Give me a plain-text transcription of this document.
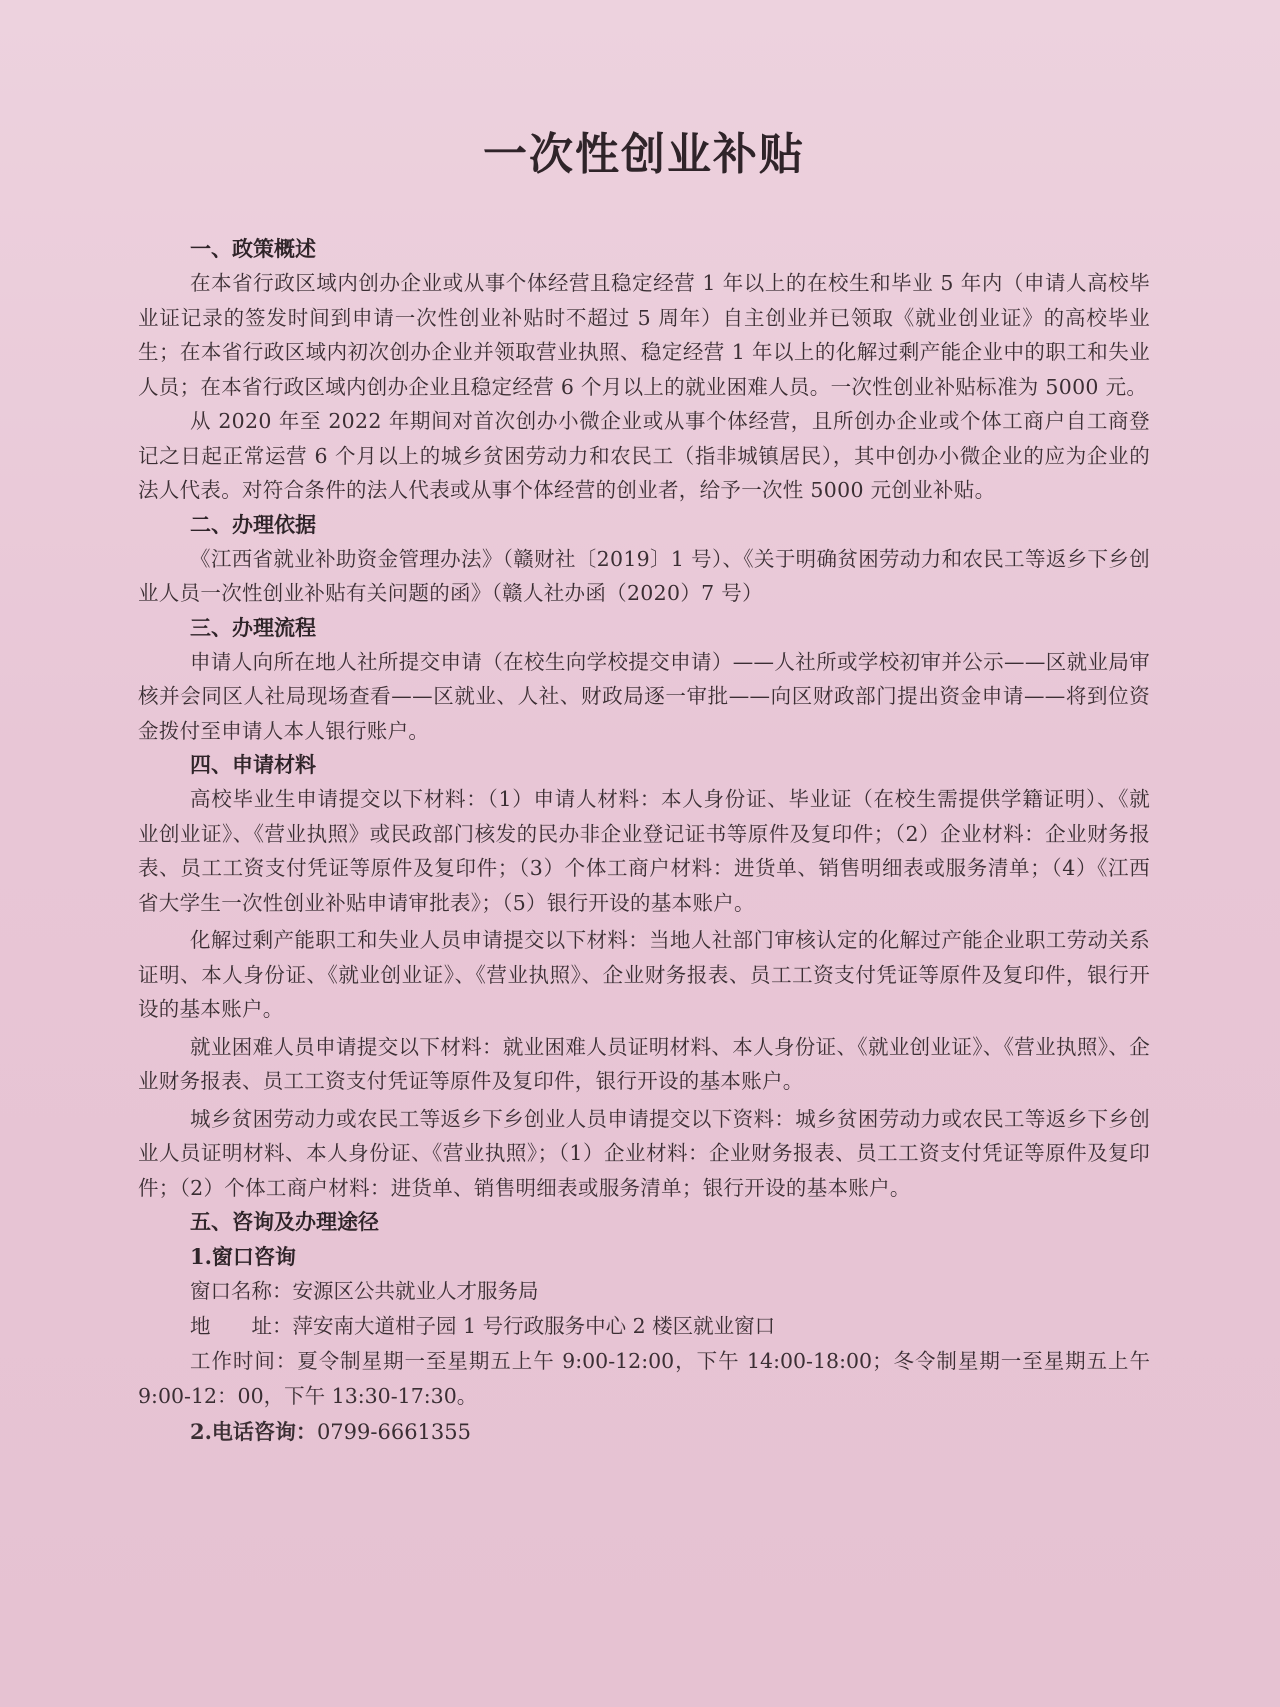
一次性创业补贴

一、政策概述

在本省行政区域内创办企业或从事个体经营且稳定经营 1 年以上的在校生和毕业 5 年内（申请人高校毕业证记录的签发时间到申请一次性创业补贴时不超过 5 周年）自主创业并已领取《就业创业证》的高校毕业生；在本省行政区域内初次创办企业并领取营业执照、稳定经营 1 年以上的化解过剩产能企业中的职工和失业人员；在本省行政区域内创办企业且稳定经营 6 个月以上的就业困难人员。一次性创业补贴标准为 5000 元。

从 2020 年至 2022 年期间对首次创办小微企业或从事个体经营，且所创办企业或个体工商户自工商登记之日起正常运营 6 个月以上的城乡贫困劳动力和农民工（指非城镇居民），其中创办小微企业的应为企业的法人代表。对符合条件的法人代表或从事个体经营的创业者，给予一次性 5000 元创业补贴。

二、办理依据

《江西省就业补助资金管理办法》（赣财社〔2019〕1 号）、《关于明确贫困劳动力和农民工等返乡下乡创业人员一次性创业补贴有关问题的函》（赣人社办函（2020）7 号）

三、办理流程

申请人向所在地人社所提交申请（在校生向学校提交申请）——人社所或学校初审并公示——区就业局审核并会同区人社局现场查看——区就业、人社、财政局逐一审批——向区财政部门提出资金申请——将到位资金拨付至申请人本人银行账户。

四、申请材料

高校毕业生申请提交以下材料：（1）申请人材料：本人身份证、毕业证（在校生需提供学籍证明）、《就业创业证》、《营业执照》或民政部门核发的民办非企业登记证书等原件及复印件；（2）企业材料：企业财务报表、员工工资支付凭证等原件及复印件；（3）个体工商户材料：进货单、销售明细表或服务清单；（4）《江西省大学生一次性创业补贴申请审批表》；（5）银行开设的基本账户。

化解过剩产能职工和失业人员申请提交以下材料：当地人社部门审核认定的化解过产能企业职工劳动关系证明、本人身份证、《就业创业证》、《营业执照》、企业财务报表、员工工资支付凭证等原件及复印件，银行开设的基本账户。

就业困难人员申请提交以下材料：就业困难人员证明材料、本人身份证、《就业创业证》、《营业执照》、企业财务报表、员工工资支付凭证等原件及复印件，银行开设的基本账户。

城乡贫困劳动力或农民工等返乡下乡创业人员申请提交以下资料：城乡贫困劳动力或农民工等返乡下乡创业人员证明材料、本人身份证、《营业执照》；（1）企业材料：企业财务报表、员工工资支付凭证等原件及复印件；（2）个体工商户材料：进货单、销售明细表或服务清单；银行开设的基本账户。

五、咨询及办理途径

1.窗口咨询

窗口名称：安源区公共就业人才服务局

地　　址：萍安南大道柑子园 1 号行政服务中心 2 楼区就业窗口

工作时间：夏令制星期一至星期五上午 9:00-12:00，下午 14:00-18:00；冬令制星期一至星期五上午 9:00-12：00，下午 13:30-17:30。

2.电话咨询：0799-6661355
